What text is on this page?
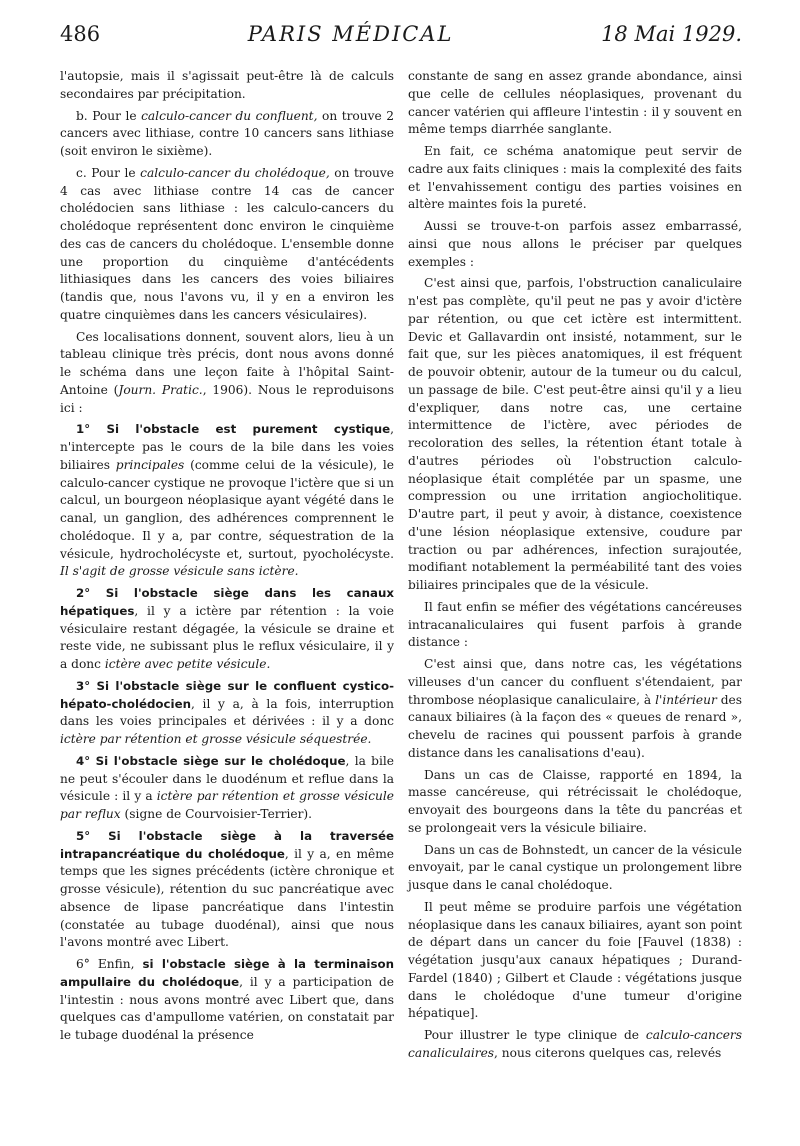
486	PARIS MÉDICAL	18 Mai 1929.

l'autopsie, mais il s'agissait peut-être là de calculs secondaires par précipitation.

b. Pour le calculo-cancer du confluent, on trouve 2 cancers avec lithiase, contre 10 cancers sans lithiase (soit environ le sixième).

c. Pour le calculo-cancer du cholédoque, on trouve 4 cas avec lithiase contre 14 cas de cancer cholédocien sans lithiase : les calculo-cancers du cholédoque représentent donc environ le cinquième des cas de cancers du cholédoque. L'ensemble donne une proportion du cinquième d'antécédents lithiasiques dans les cancers des voies biliaires (tandis que, nous l'avons vu, il y en a environ les quatre cinquièmes dans les cancers vésiculaires).

Ces localisations donnent, souvent alors, lieu à un tableau clinique très précis, dont nous avons donné le schéma dans une leçon faite à l'hôpital Saint-Antoine (Journ. Pratic., 1906). Nous le reproduisons ici :

1° Si l'obstacle est purement cystique, n'intercepte pas le cours de la bile dans les voies biliaires principales (comme celui de la vésicule), le calculo-cancer cystique ne provoque l'ictère que si un calcul, un bourgeon néoplasique ayant végété dans le canal, un ganglion, des adhérences comprennent le cholédoque. Il y a, par contre, séquestration de la vésicule, hydrocholécyste et, surtout, pyocholécyste. Il s'agit de grosse vésicule sans ictère.

2° Si l'obstacle siège dans les canaux hépatiques, il y a ictère par rétention : la voie vésiculaire restant dégagée, la vésicule se draine et reste vide, ne subissant plus le reflux vésiculaire, il y a donc ictère avec petite vésicule.

3° Si l'obstacle siège sur le confluent cystico-hépato-cholédocien, il y a, à la fois, interruption dans les voies principales et dérivées : il y a donc ictère par rétention et grosse vésicule séquestrée.

4° Si l'obstacle siège sur le cholédoque, la bile ne peut s'écouler dans le duodénum et reflue dans la vésicule : il y a ictère par rétention et grosse vésicule par reflux (signe de Courvoisier-Terrier).

5° Si l'obstacle siège à la traversée intrapancréatique du cholédoque, il y a, en même temps que les signes précédents (ictère chronique et grosse vésicule), rétention du suc pancréatique avec absence de lipase pancréatique dans l'intestin (constatée au tubage duodénal), ainsi que nous l'avons montré avec Libert.

6° Enfin, si l'obstacle siège à la terminaison ampullaire du cholédoque, il y a participation de l'intestin : nous avons montré avec Libert que, dans quelques cas d'ampullome vatérien, on constatait par le tubage duodénal la présence

constante de sang en assez grande abondance, ainsi que celle de cellules néoplasiques, provenant du cancer vatérien qui affleure l'intestin : il y souvent en même temps diarrhée sanglante.

En fait, ce schéma anatomique peut servir de cadre aux faits cliniques : mais la complexité des faits et l'envahissement contigu des parties voisines en altère maintes fois la pureté.

Aussi se trouve-t-on parfois assez embarrassé, ainsi que nous allons le préciser par quelques exemples :

C'est ainsi que, parfois, l'obstruction canaliculaire n'est pas complète, qu'il peut ne pas y avoir d'ictère par rétention, ou que cet ictère est intermittent. Devic et Gallavardin ont insisté, notamment, sur le fait que, sur les pièces anatomiques, il est fréquent de pouvoir obtenir, autour de la tumeur ou du calcul, un passage de bile. C'est peut-être ainsi qu'il y a lieu d'expliquer, dans notre cas, une certaine intermittence de l'ictère, avec périodes de recoloration des selles, la rétention étant totale à d'autres périodes où l'obstruction calculo-néoplasique était complétée par un spasme, une compression ou une irritation angiocholitique. D'autre part, il peut y avoir, à distance, coexistence d'une lésion néoplasique extensive, coudure par traction ou par adhérences, infection surajoutée, modifiant notablement la perméabilité tant des voies biliaires principales que de la vésicule.

Il faut enfin se méfier des végétations cancéreuses intracanaliculaires qui fusent parfois à grande distance :

C'est ainsi que, dans notre cas, les végétations villeuses d'un cancer du confluent s'étendaient, par thrombose néoplasique canaliculaire, à l'intérieur des canaux biliaires (à la façon des « queues de renard », chevelu de racines qui poussent parfois à grande distance dans les canalisations d'eau).

Dans un cas de Claisse, rapporté en 1894, la masse cancéreuse, qui rétrécissait le cholédoque, envoyait des bourgeons dans la tête du pancréas et se prolongeait vers la vésicule biliaire.

Dans un cas de Bohnstedt, un cancer de la vésicule envoyait, par le canal cystique un prolongement libre jusque dans le canal cholédoque.

Il peut même se produire parfois une végétation néoplasique dans les canaux biliaires, ayant son point de départ dans un cancer du foie [Fauvel (1838) : végétation jusqu'aux canaux hépatiques ; Durand-Fardel (1840) ; Gilbert et Claude : végétations jusque dans le cholédoque d'une tumeur d'origine hépatique].

Pour illustrer le type clinique de calculo-cancers canaliculaires, nous citerons quelques cas, relevés
